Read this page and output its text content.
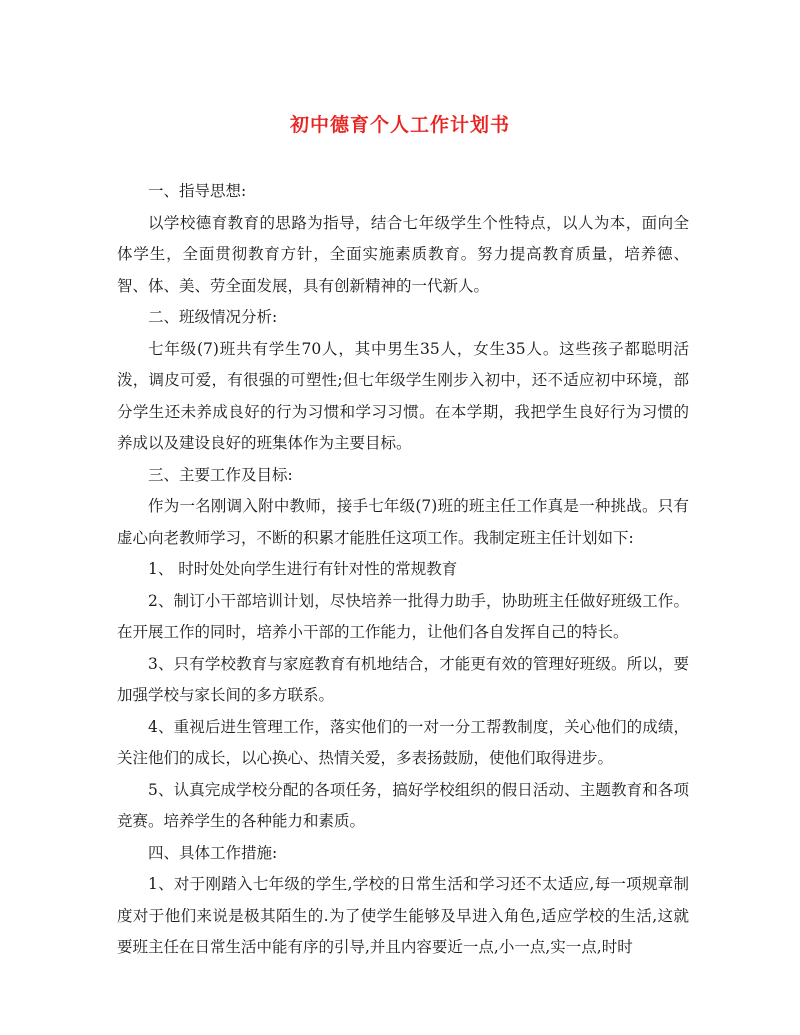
初中德育个人工作计划书

一、指导思想:

以学校德育教育的思路为指导，结合七年级学生个性特点，以人为本，面向全体学生，全面贯彻教育方针，全面实施素质教育。努力提高教育质量，培养德、智、体、美、劳全面发展，具有创新精神的一代新人。

二、班级情况分析:

七年级(7)班共有学生70人，其中男生35人，女生35人。这些孩子都聪明活泼，调皮可爱，有很强的可塑性;但七年级学生刚步入初中，还不适应初中环境，部分学生还未养成良好的行为习惯和学习习惯。在本学期，我把学生良好行为习惯的养成以及建设良好的班集体作为主要目标。

三、主要工作及目标:

作为一名刚调入附中教师，接手七年级(7)班的班主任工作真是一种挑战。只有虚心向老教师学习，不断的积累才能胜任这项工作。我制定班主任计划如下:

1、 时时处处向学生进行有针对性的常规教育

2、制订小干部培训计划，尽快培养一批得力助手，协助班主任做好班级工作。在开展工作的同时，培养小干部的工作能力，让他们各自发挥自己的特长。

3、只有学校教育与家庭教育有机地结合，才能更有效的管理好班级。所以，要加强学校与家长间的多方联系。

4、重视后进生管理工作，落实他们的一对一分工帮教制度，关心他们的成绩，关注他们的成长，以心换心、热情关爱，多表扬鼓励，使他们取得进步。

5、认真完成学校分配的各项任务，搞好学校组织的假日活动、主题教育和各项竞赛。培养学生的各种能力和素质。

四、具体工作措施:

1、对于刚踏入七年级的学生,学校的日常生活和学习还不太适应,每一项规章制度对于他们来说是极其陌生的.为了使学生能够及早进入角色,适应学校的生活,这就要班主任在日常生活中能有序的引导,并且内容要近一点,小一点,实一点,时时
